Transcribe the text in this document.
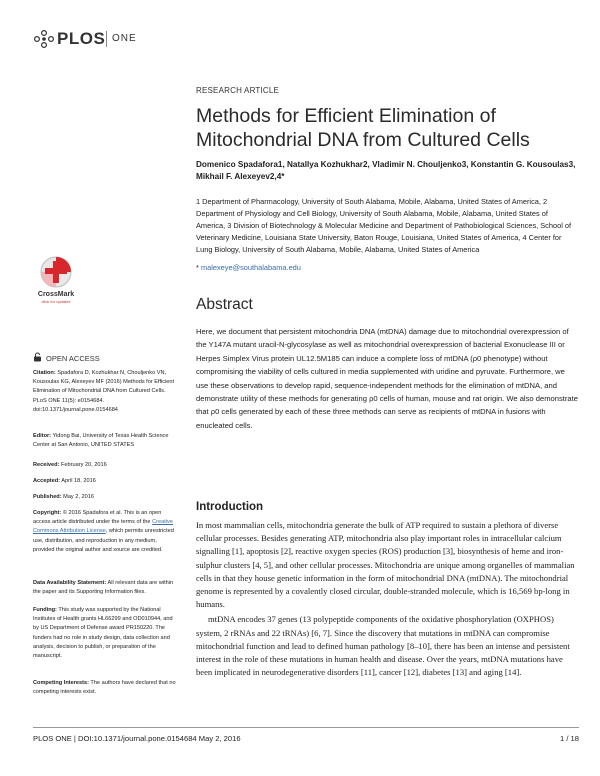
PLOS ONE
RESEARCH ARTICLE
Methods for Efficient Elimination of Mitochondrial DNA from Cultured Cells
Domenico Spadafora1, Natallya Kozhukhar2, Vladimir N. Chouljenko3, Konstantin G. Kousoulas3, Mikhail F. Alexeyev2,4*
1 Department of Pharmacology, University of South Alabama, Mobile, Alabama, United States of America, 2 Department of Physiology and Cell Biology, University of South Alabama, Mobile, Alabama, United States of America, 3 Division of Biotechnology & Molecular Medicine and Department of Pathobiological Sciences, School of Veterinary Medicine, Louisiana State University, Baton Rouge, Louisiana, United States of America, 4 Center for Lung Biology, University of South Alabama, Mobile, Alabama, United States of America
* malexeye@southalabama.edu
CrossMark
click for updates
OPEN ACCESS
Citation: Spadafora D, Kozhukhar N, Chouljenko VN, Kousoulas KG, Alexeyev MF (2016) Methods for Efficient Elimination of Mitochondrial DNA from Cultured Cells. PLoS ONE 11(5): e0154684. doi:10.1371/journal.pone.0154684
Editor: Yidong Bai, University of Texas Health Science Center at San Antonio, UNITED STATES
Received: February 20, 2016
Accepted: April 18, 2016
Published: May 2, 2016
Copyright: © 2016 Spadafora et al. This is an open access article distributed under the terms of the Creative Commons Attribution License, which permits unrestricted use, distribution, and reproduction in any medium, provided the original author and source are credited.
Data Availability Statement: All relevant data are within the paper and its Supporting Information files.
Funding: This study was supported by the National Institutes of Health grants HL66299 and OD010944, and by US Department of Defense award PR150220. The funders had no role in study design, data collection and analysis, decision to publish, or preparation of the manuscript.
Competing Interests: The authors have declared that no competing interests exist.
Abstract
Here, we document that persistent mitochondria DNA (mtDNA) damage due to mitochondrial overexpression of the Y147A mutant uracil-N-glycosylase as well as mitochondrial overexpression of bacterial Exonuclease III or Herpes Simplex Virus protein UL12.5M185 can induce a complete loss of mtDNA (ρ0 phenotype) without compromising the viability of cells cultured in media supplemented with uridine and pyruvate. Furthermore, we use these observations to develop rapid, sequence-independent methods for the elimination of mtDNA, and demonstrate utility of these methods for generating ρ0 cells of human, mouse and rat origin. We also demonstrate that ρ0 cells generated by each of these three methods can serve as recipients of mtDNA in fusions with enucleated cells.
Introduction

In most mammalian cells, mitochondria generate the bulk of ATP required to sustain a plethora of diverse cellular processes. Besides generating ATP, mitochondria also play important roles in intracellular calcium signalling [1], apoptosis [2], reactive oxygen species (ROS) production [3], biosynthesis of heme and iron-sulphur clusters [4, 5], and other cellular processes. Mitochondria are unique among organelles of mammalian cells in that they house genetic information in the form of mitochondrial DNA (mtDNA). The mitochondrial genome is represented by a covalently closed circular, double-stranded molecule, which is 16,569 bp-long in humans.

mtDNA encodes 37 genes (13 polypeptide components of the oxidative phosphorylation (OXPHOS) system, 2 rRNAs and 22 tRNAs) [6, 7]. Since the discovery that mutations in mtDNA can compromise mitochondrial function and lead to defined human pathology [8–10], there has been an intense and persistent interest in the role of these mutations in human health and disease. Over the years, mtDNA mutations have been implicated in neurodegenerative disorders [11], cancer [12], diabetes [13] and aging [14].

PLOS ONE | DOI:10.1371/journal.pone.0154684 May 2, 2016	1 / 18
